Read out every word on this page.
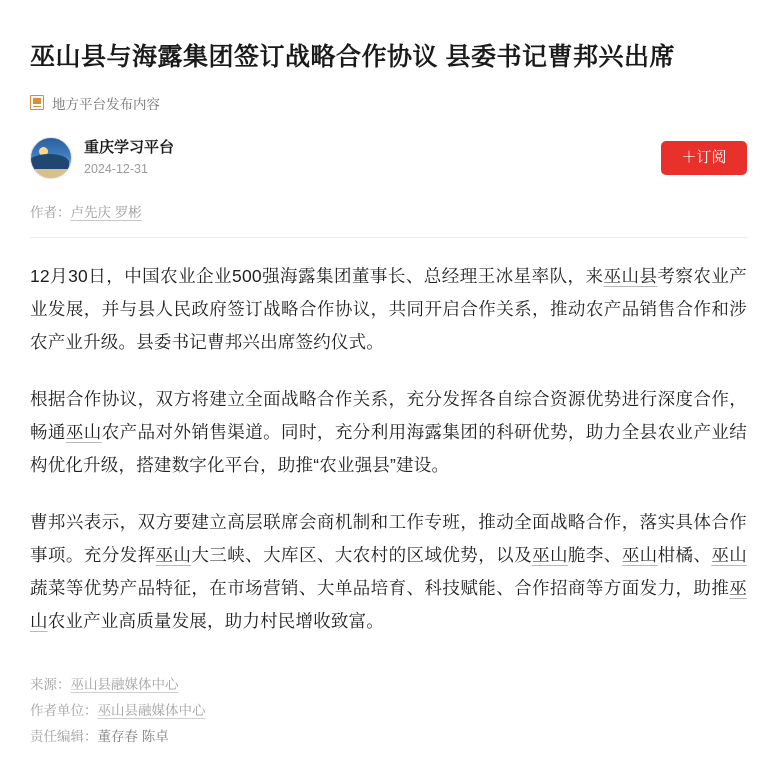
巫山县与海露集团签订战略合作协议 县委书记曹邦兴出席
地方平台发布内容
重庆学习平台
2024-12-31
＋订阅
作者：卢先庆 罗彬

12月30日，中国农业企业500强海露集团董事长、总经理王冰星率队，来巫山县考察农业产业发展，并与县人民政府签订战略合作协议，共同开启合作关系，推动农产品销售合作和涉农产业升级。县委书记曹邦兴出席签约仪式。

根据合作协议，双方将建立全面战略合作关系，充分发挥各自综合资源优势进行深度合作，畅通巫山农产品对外销售渠道。同时，充分利用海露集团的科研优势，助力全县农业产业结构优化升级，搭建数字化平台，助推“农业强县”建设。

曹邦兴表示，双方要建立高层联席会商机制和工作专班，推动全面战略合作，落实具体合作事项。充分发挥巫山大三峡、大库区、大农村的区域优势，以及巫山脆李、巫山柑橘、巫山蔬菜等优势产品特征，在市场营销、大单品培育、科技赋能、合作招商等方面发力，助推巫山农业产业高质量发展，助力村民增收致富。

来源：巫山县融媒体中心
作者单位：巫山县融媒体中心
责任编辑：董存春 陈卓
